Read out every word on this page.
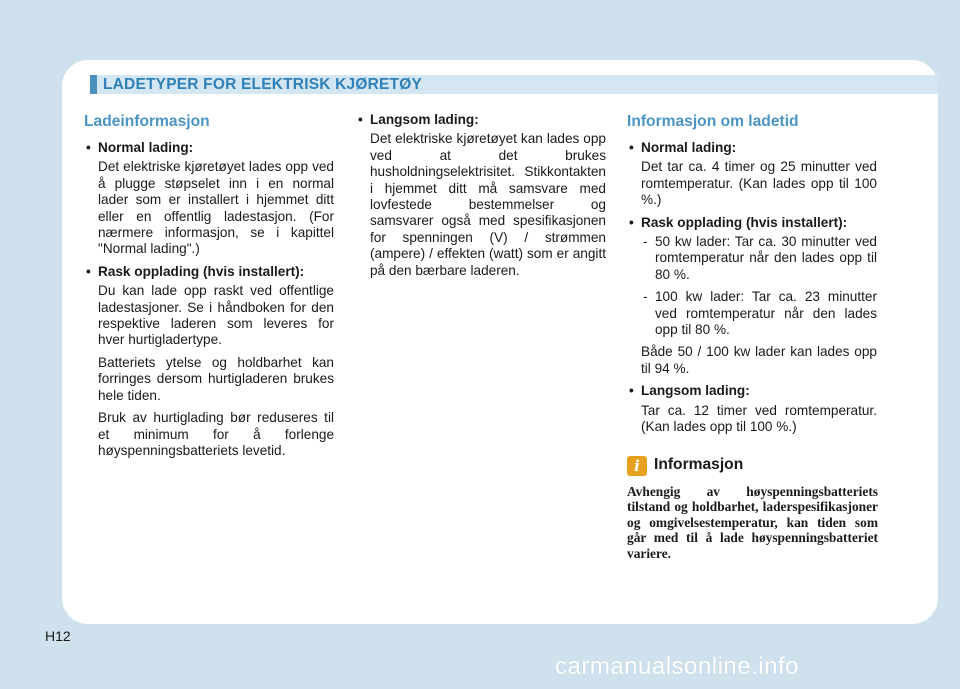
LADETYPER FOR ELEKTRISK KJØRETØY
Ladeinformasjon
• Normal lading:
Det elektriske kjøretøyet lades opp ved å plugge støpselet inn i en normal lader som er installert i hjemmet ditt eller en offentlig ladestasjon. (For nærmere informasjon, se i kapittel "Normal lading".)
• Rask opplading (hvis installert):
Du kan lade opp raskt ved offentlige ladestasjoner. Se i håndboken for den respektive laderen som leveres for hver hurtigladertype.
Batteriets ytelse og holdbarhet kan forringes dersom hurtigladeren brukes hele tiden.
Bruk av hurtiglading bør reduseres til et minimum for å forlenge høyspenningsbatteriets levetid.
• Langsom lading:
Det elektriske kjøretøyet kan lades opp ved at det brukes husholdningselektrisitet. Stikkontakten i hjemmet ditt må samsvare med lovfestede bestemmelser og samsvarer også med spesifikasjonen for spenningen (V) / strømmen (ampere) / effekten (watt) som er angitt på den bærbare laderen.
Informasjon om ladetid
• Normal lading:
Det tar ca. 4 timer og 25 minutter ved romtemperatur. (Kan lades opp til 100 %.)
• Rask opplading (hvis installert):
- 50 kw lader: Tar ca. 30 minutter ved romtemperatur når den lades opp til 80 %.
- 100 kw lader: Tar ca. 23 minutter ved romtemperatur når den lades opp til 80 %.
Både 50 / 100 kw lader kan lades opp til 94 %.
• Langsom lading:
Tar ca. 12 timer ved romtemperatur. (Kan lades opp til 100 %.)
i Informasjon
Avhengig av høyspenningsbatteriets tilstand og holdbarhet, laderspesifikasjoner og omgivelsestemperatur, kan tiden som går med til å lade høyspenningsbatteriet variere.
H12
carmanualsonline.info
